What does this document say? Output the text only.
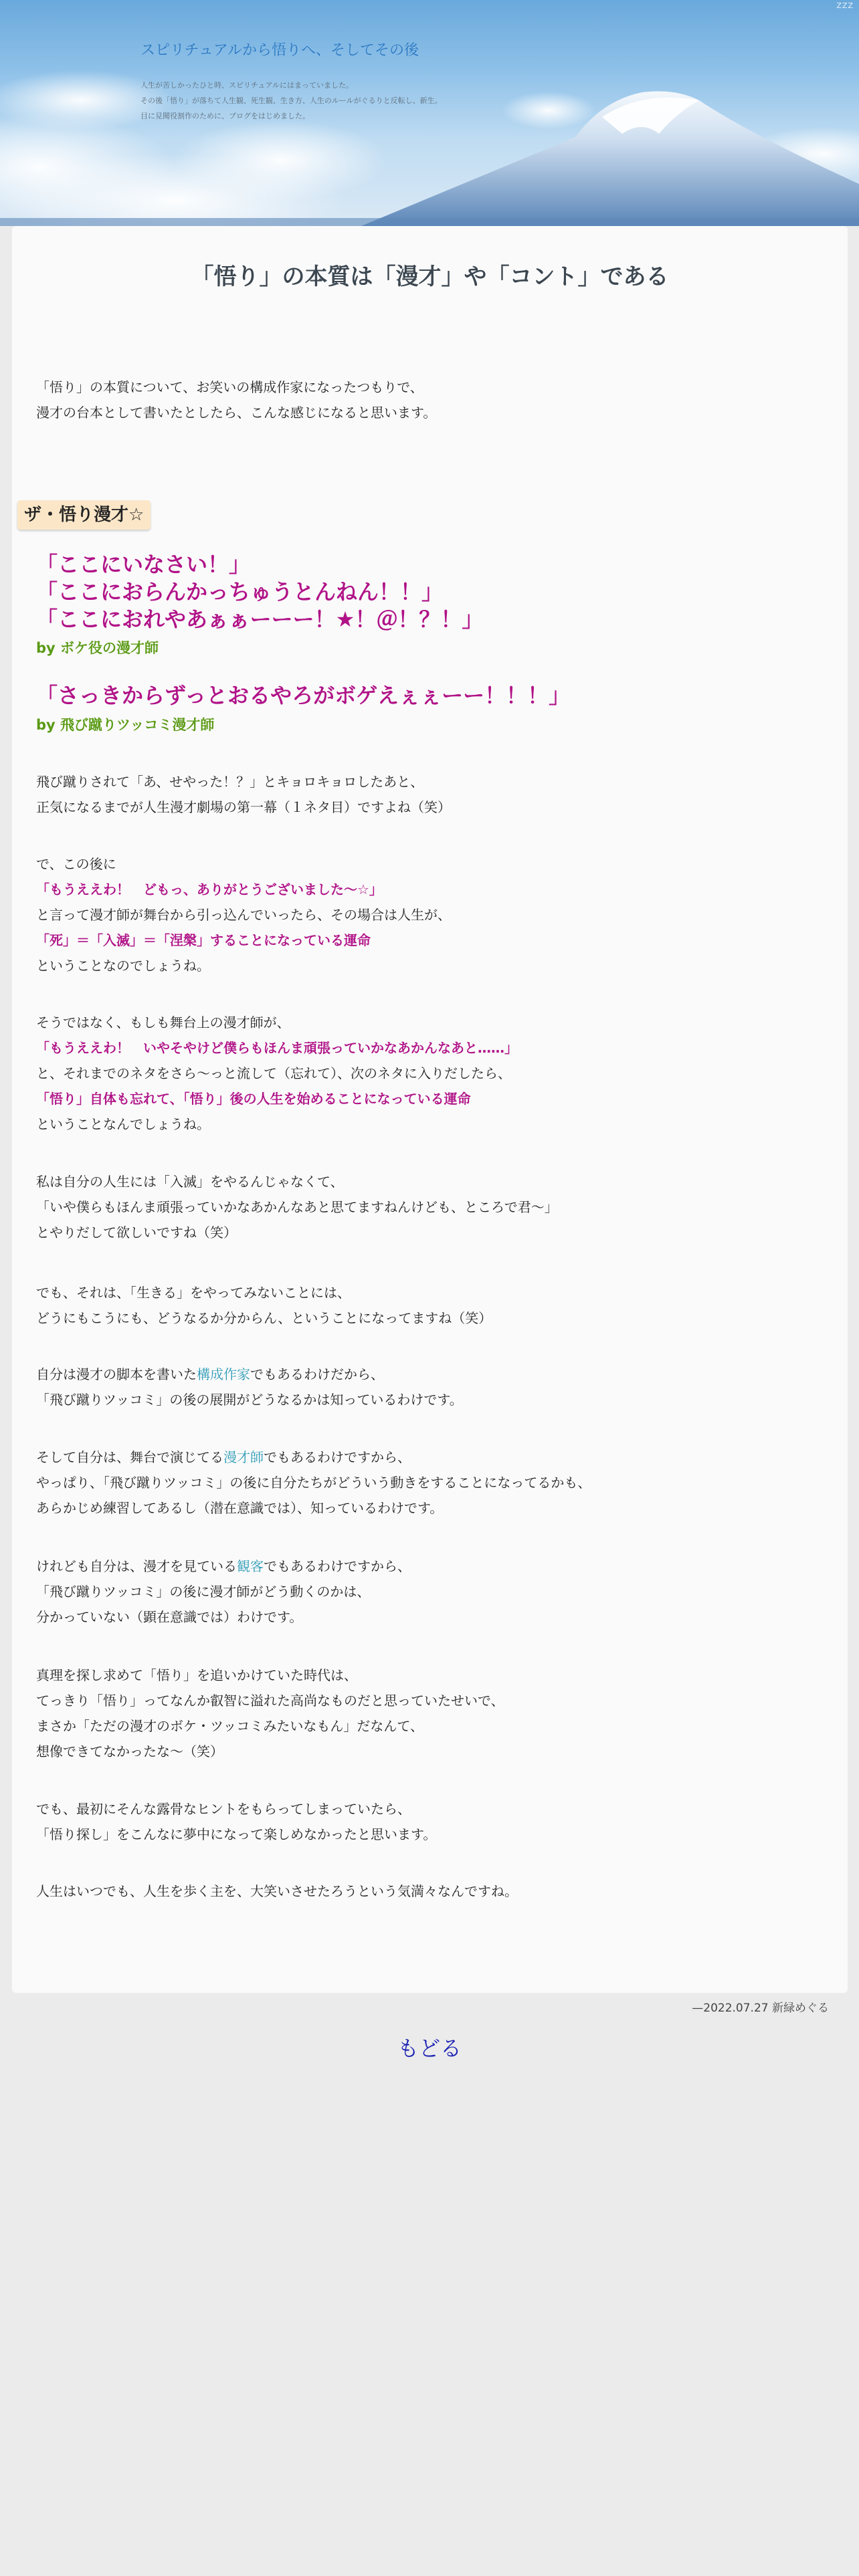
ZZZ
スピリチュアルから悟りへ、そしてその後
人生が苦しかったひと時、スピリチュアルにはまっていました。
その後「悟り」が落ちて人生観、死生観、生き方、人生のルールがぐるりと反転し、新生。
目に見聞役割作のために、ブログをはじめました。
「悟り」の本質は「漫才」や「コント」である
「悟り」の本質について、お笑いの構成作家になったつもりで、
漫才の台本として書いたとしたら、こんな感じになると思います。
ザ・悟り漫才☆
「ここにいなさい！」
「ここにおらんかっちゅうとんねん！！」
「ここにおれやあぁぁーーー！★！＠！？！」
by ボケ役の漫才師
「さっきからずっとおるやろがボゲえぇぇーー！！！」
by 飛び蹴りツッコミ漫才師
飛び蹴りされて「あ、せやった！？」とキョロキョロしたあと、
正気になるまでが人生漫才劇場の第一幕（１ネタ目）ですよね（笑）
で、この後に
「もうええわ！　どもっ、ありがとうございました〜☆」
と言って漫才師が舞台から引っ込んでいったら、その場合は人生が、
「死」＝「入滅」＝「涅槃」することになっている運命
ということなのでしょうね。
そうではなく、もしも舞台上の漫才師が、
「もうええわ！　いやそやけど僕らもほんま頑張っていかなあかんなあと……」
と、それまでのネタをさら〜っと流して（忘れて）、次のネタに入りだしたら、
「悟り」自体も忘れて、「悟り」後の人生を始めることになっている運命
ということなんでしょうね。
私は自分の人生には「入滅」をやるんじゃなくて、
「いや僕らもほんま頑張っていかなあかんなあと思てますねんけども、ところで君〜」
とやりだして欲しいですね（笑）
でも、それは、「生きる」をやってみないことには、
どうにもこうにも、どうなるか分からん、ということになってますね（笑）
自分は漫才の脚本を書いた構成作家でもあるわけだから、
「飛び蹴りツッコミ」の後の展開がどうなるかは知っているわけです。
そして自分は、舞台で演じてる漫才師でもあるわけですから、
やっぱり、「飛び蹴りツッコミ」の後に自分たちがどういう動きをすることになってるかも、
あらかじめ練習してあるし（潜在意識では）、知っているわけです。
けれども自分は、漫才を見ている観客でもあるわけですから、
「飛び蹴りツッコミ」の後に漫才師がどう動くのかは、
分かっていない（顕在意識では）わけです。
真理を探し求めて「悟り」を追いかけていた時代は、
てっきり「悟り」ってなんか叡智に溢れた高尚なものだと思っていたせいで、
まさか「ただの漫才のボケ・ツッコミみたいなもん」だなんて、
想像できてなかったな〜（笑）
でも、最初にそんな露骨なヒントをもらってしまっていたら、
「悟り探し」をこんなに夢中になって楽しめなかったと思います。
人生はいつでも、人生を歩く主を、大笑いさせたろうという気満々なんですね。
—2022.07.27 新緑めぐる
もどる
